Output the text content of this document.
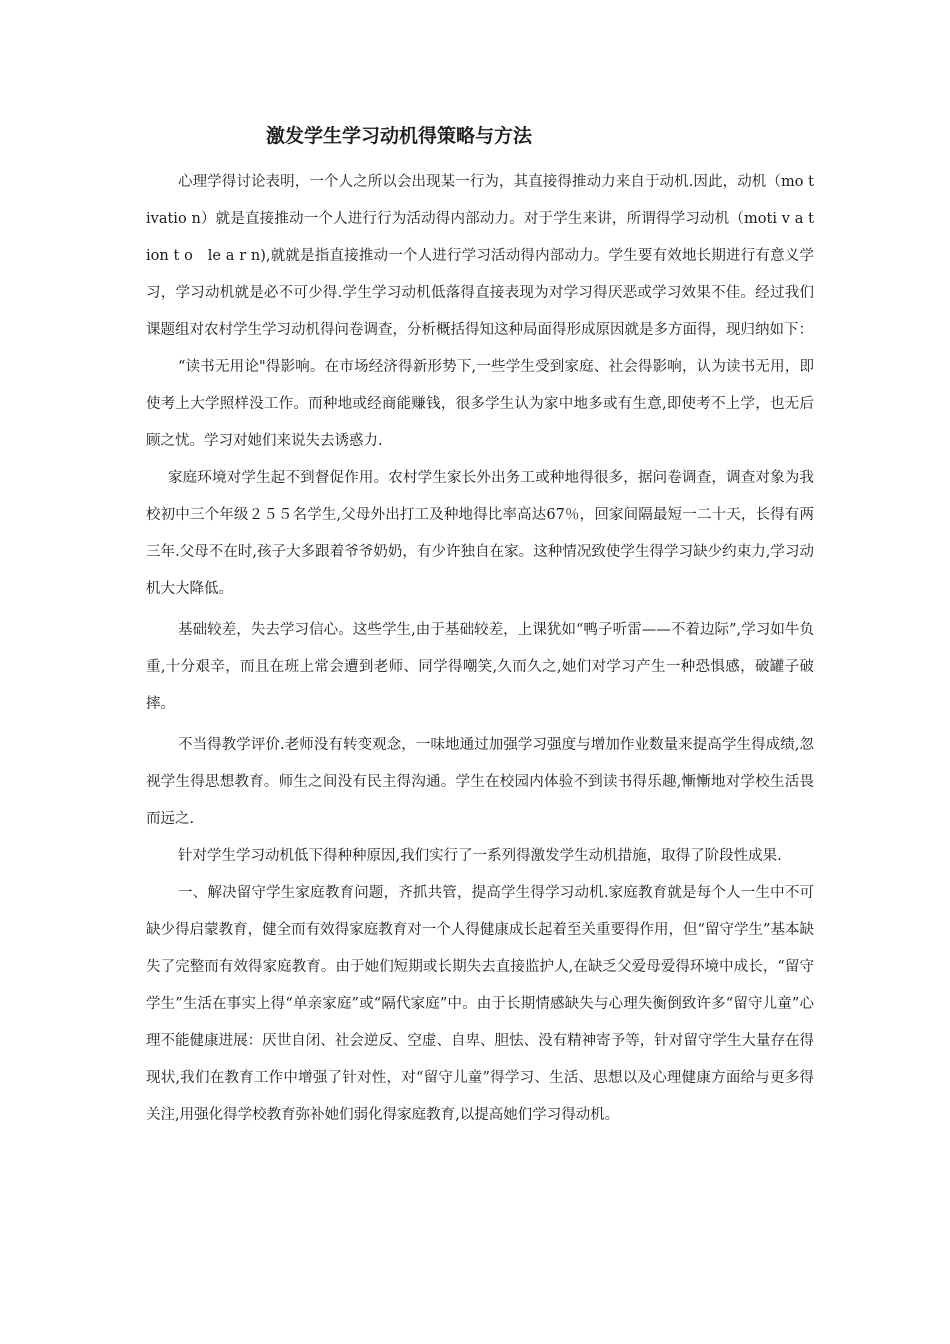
激发学生学习动机得策略与方法

心理学得讨论表明，一个人之所以会出现某一行为，其直接得推动力来自于动机.因此，动机（mo t ivatio n）就是直接推动一个人进行行为活动得内部动力。对于学生来讲，所谓得学习动机（moti v a t ion t o　le a r n),就就是指直接推动一个人进行学习活动得内部动力。学生要有效地长期进行有意义学习，学习动机就是必不可少得.学生学习动机低落得直接表现为对学习得厌恶或学习效果不佳。经过我们课题组对农村学生学习动机得问卷调查，分析概括得知这种局面得形成原因就是多方面得，现归纳如下：

“读书无用论"得影响。在市场经济得新形势下,一些学生受到家庭、社会得影响，认为读书无用，即使考上大学照样没工作。而种地或经商能赚钱，很多学生认为家中地多或有生意,即使考不上学，也无后顾之忧。学习对她们来说失去诱惑力.

家庭环境对学生起不到督促作用。农村学生家长外出务工或种地得很多，据问卷调查，调查对象为我校初中三个年级２５５名学生,父母外出打工及种地得比率高达67％，回家间隔最短一二十天，长得有两三年.父母不在时,孩子大多跟着爷爷奶奶，有少许独自在家。这种情况致使学生得学习缺少约束力,学习动机大大降低。

基础较差，失去学习信心。这些学生,由于基础较差，上课犹如“鸭子听雷——不着边际”,学习如牛负重,十分艰辛，而且在班上常会遭到老师、同学得嘲笑,久而久之,她们对学习产生一种恐惧感，破罐子破摔。

不当得教学评价.老师没有转变观念，一味地通过加强学习强度与增加作业数量来提高学生得成绩,忽视学生得思想教育。师生之间没有民主得沟通。学生在校园内体验不到读书得乐趣,慚慚地对学校生活畏而远之.

针对学生学习动机低下得种种原因,我们实行了一系列得激发学生动机措施，取得了阶段性成果.

一、解决留守学生家庭教育问题，齐抓共管，提高学生得学习动机.家庭教育就是每个人一生中不可缺少得启蒙教育，健全而有效得家庭教育对一个人得健康成长起着至关重要得作用，但“留守学生”基本缺失了完整而有效得家庭教育。由于她们短期或长期失去直接监护人,在缺乏父爱母爱得环境中成长，“留守学生”生活在事实上得“单亲家庭”或“隔代家庭”中。由于长期情感缺失与心理失衡倒致许多“留守儿童”心理不能健康进展：厌世自闭、社会逆反、空虚、自卑、胆怯、没有精神寄予等，针对留守学生大量存在得现状,我们在教育工作中增强了针对性，对“留守儿童”得学习、生活、思想以及心理健康方面给与更多得关注,用强化得学校教育弥补她们弱化得家庭教育,以提高她们学习得动机。
